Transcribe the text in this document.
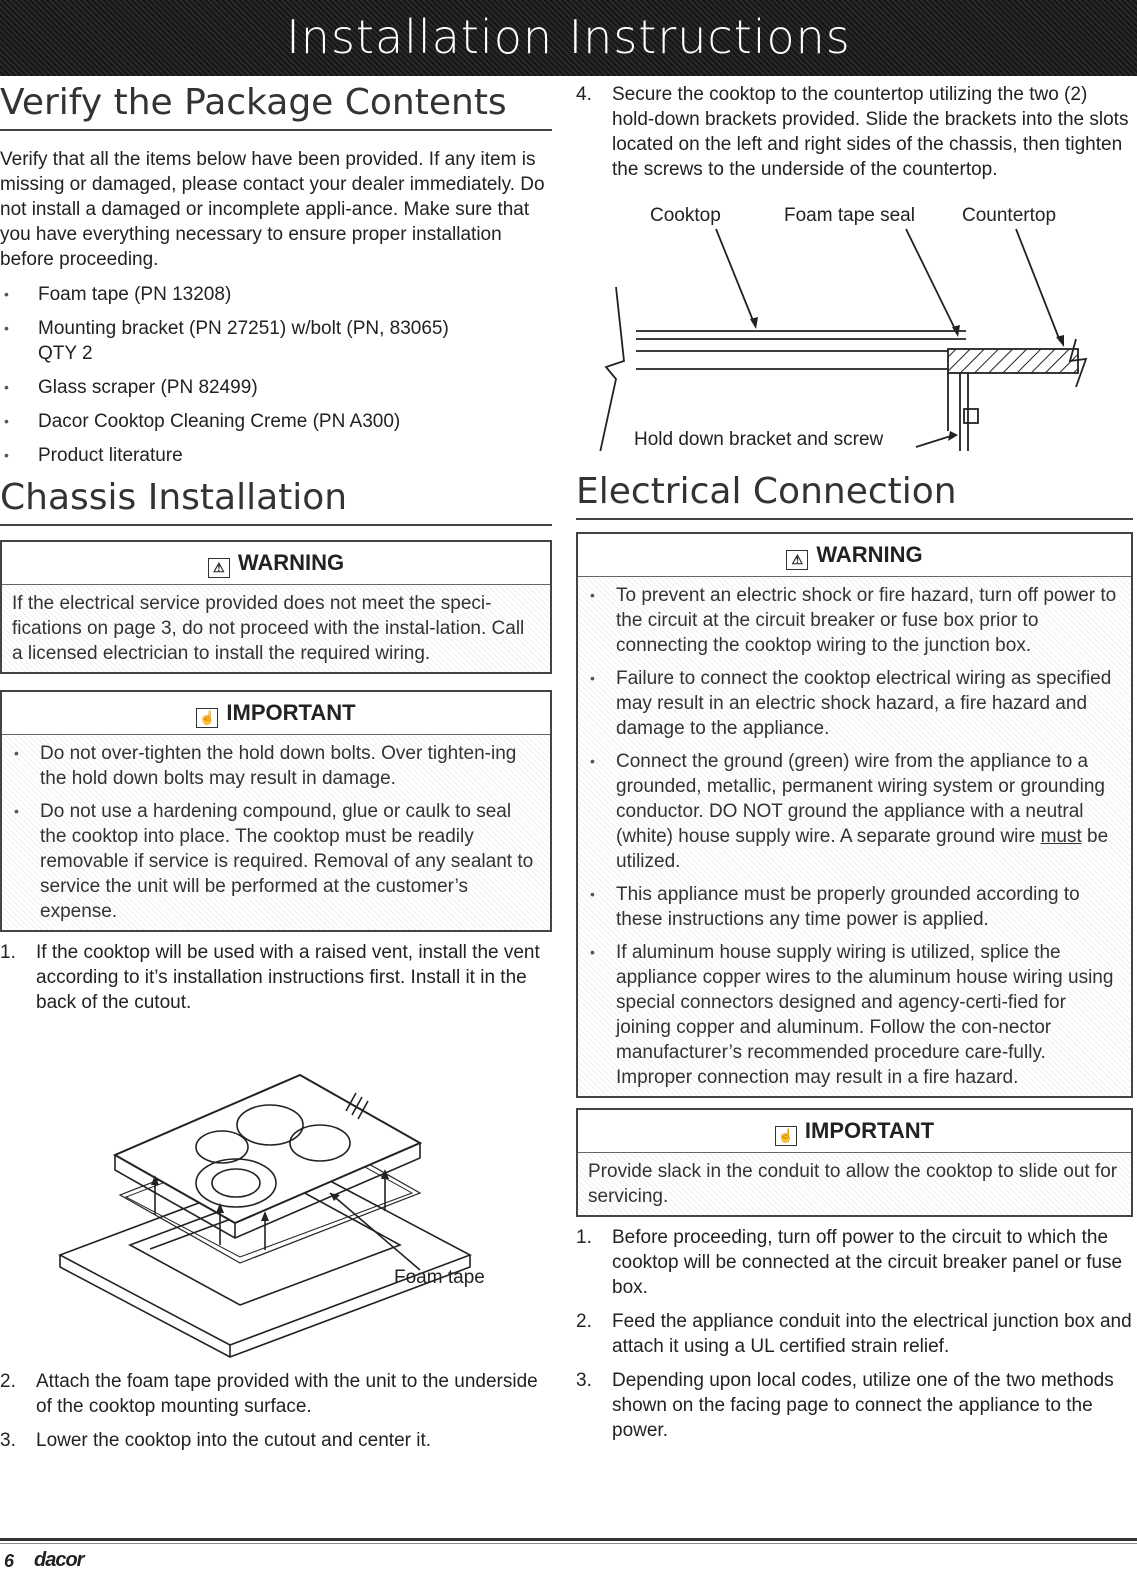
Installation Instructions
Verify the Package Contents

Verify that all the items below have been provided. If any item is missing or damaged, please contact your dealer immediately. Do not install a damaged or incomplete appli-ance. Make sure that you have everything necessary to ensure proper installation before proceeding.

• Foam tape (PN 13208)
• Mounting bracket (PN 27251) w/bolt (PN, 83065) QTY 2
• Glass scraper (PN 82499)
• Dacor Cooktop Cleaning Creme (PN A300)
• Product literature
Chassis Installation
⚠ WARNING

If the electrical service provided does not meet the speci-fications on page 3, do not proceed with the instal-lation. Call a licensed electrician to install the required wiring.

☝ IMPORTANT
• Do not over-tighten the hold down bolts. Over tighten-ing the hold down bolts may result in damage.
• Do not use a hardening compound, glue or caulk to seal the cooktop into place. The cooktop must be readily removable if service is required. Removal of any sealant to service the unit will be performed at the customer’s expense.
1. If the cooktop will be used with a raised vent, install the vent according to it’s installation instructions first. Install it in the back of the cutout.
Foam tape
2. Attach the foam tape provided with the unit to the underside of the cooktop mounting surface.
3. Lower the cooktop into the cutout and center it.
4. Secure the cooktop to the countertop utilizing the two (2) hold-down brackets provided. Slide the brackets into the slots located on the left and right sides of the chassis, then tighten the screws to the underside of the countertop.
Cooktop	Foam tape seal Countertop
Hold down bracket and screw
Electrical Connection
⚠ WARNING
• To prevent an electric shock or fire hazard, turn off power to the circuit at the circuit breaker or fuse box prior to connecting the cooktop wiring to the junction box.
• Failure to connect the cooktop electrical wiring as specified may result in an electric shock hazard, a fire hazard and damage to the appliance.
• Connect the ground (green) wire from the appliance to a grounded, metallic, permanent wiring system or grounding conductor. DO NOT ground the appliance with a neutral (white) house supply wire. A separate ground wire must be utilized.
• This appliance must be properly grounded according to these instructions any time power is applied.
• If aluminum house supply wiring is utilized, splice the appliance copper wires to the aluminum house wiring using special connectors designed and agency-certi-fied for joining copper and aluminum. Follow the con-nector manufacturer’s recommended procedure care-fully. Improper connection may result in a fire hazard.
☝ IMPORTANT

Provide slack in the conduit to allow the cooktop to slide out for servicing.

1. Before proceeding, turn off power to the circuit to which the cooktop will be connected at the circuit breaker panel or fuse box.
2. Feed the appliance conduit into the electrical junction box and attach it using a UL certified strain relief.
3. Depending upon local codes, utilize one of the two methods shown on the facing page to connect the appliance to the power.
6 dacor
